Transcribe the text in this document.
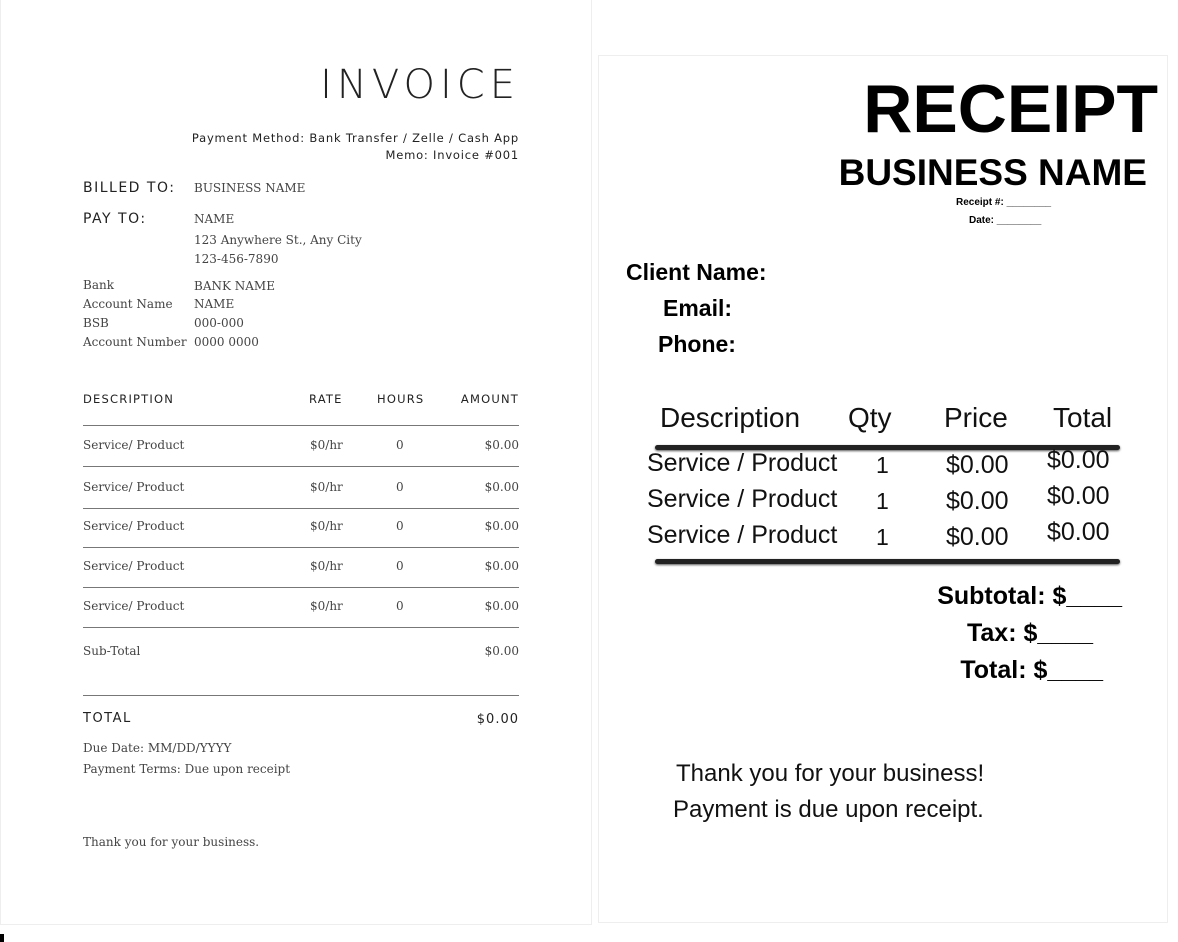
INVOICE
Payment Method: Bank Transfer / Zelle / Cash App
Memo: Invoice #001
BILLED TO: BUSINESS NAME
PAY TO:	NAME
123 Anywhere St., Any City
123-456-7890
Bank	BANK NAME
Account Name NAME
BSB	000-000
Account Number 0000 0000
DESCRIPTION	RATE	HOURS	AMOUNT
Service/ Product	$0/hr	0	$0.00
Service/ Product	$0/hr	0	$0.00
Service/ Product	$0/hr	0	$0.00
Service/ Product	$0/hr	0	$0.00
Service/ Product	$0/hr	0	$0.00
Sub-Total	$0.00
TOTAL	$0.00
Due Date: MM/DD/YYYY
Payment Terms: Due upon receipt
Thank you for your business.
RECEIPT
BUSINESS NAME
Receipt #: ________
Date: ________
Client Name:
Email:
Phone:
Description Qty Price Total
Service / Product 1 $0.00 $0.00
Service / Product 1 $0.00 $0.00
Service / Product 1 $0.00 $0.00
Subtotal: $____
Tax: $____
Total: $____
Thank you for your business!
Payment is due upon receipt.
